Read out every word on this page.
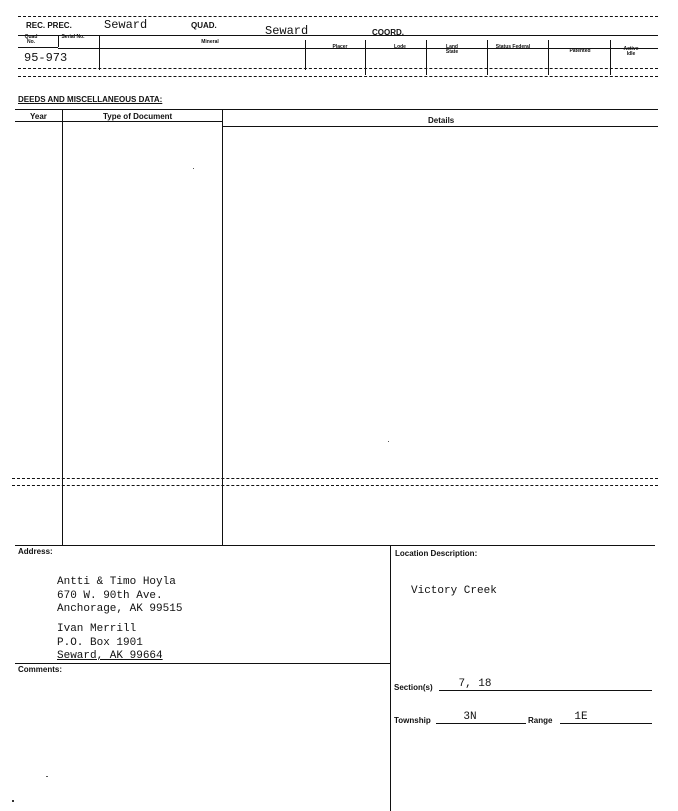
REC. PREC.	Seward	QUAD.	Seward	COORD.
Quad No.
Serial No.
Mineral
Placer	Lode	Land State
Status Federal
Patented	Active Idle
95-973
DEEDS AND MISCELLANEOUS DATA:
Year	Type of Document	Details
Address:
Antti & Timo Hoyla
670 W. 90th Ave.
Anchorage, AK 99515
Ivan Merrill
P.O. Box 1901
Seward, AK 99664
Location Description:
Victory Creek
Comments:
Section(s)	7, 18
Township	3N	Range	1E
